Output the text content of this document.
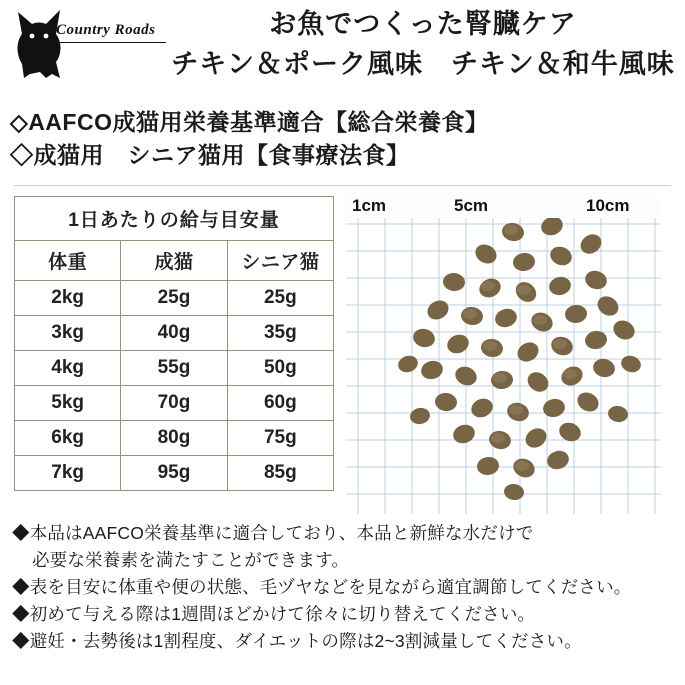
Country Roads	お魚でつくった腎臓ケア
チキン＆ポーク風味　チキン＆和牛風味
◇AAFCO成猫用栄養基準適合【総合栄養食】
◇成猫用　シニア猫用【食事療法食】
1日あたりの給与目安量		
体重	成猫	シニア猫
2kg	25g	25g
3kg	40g	35g
4kg	55g	50g
5kg	70g	60g
6kg	80g	75g
7kg	95g	85g
1cm	5cm	10cm
◆本品はAAFCO栄養基準に適合しており、本品と新鮮な水だけで
必要な栄養素を満たすことができます。
◆表を目安に体重や便の状態、毛ヅヤなどを見ながら適宜調節してください。
◆初めて与える際は1週間ほどかけて徐々に切り替えてください。
◆避妊・去勢後は1割程度、ダイエットの際は2~3割減量してください。
